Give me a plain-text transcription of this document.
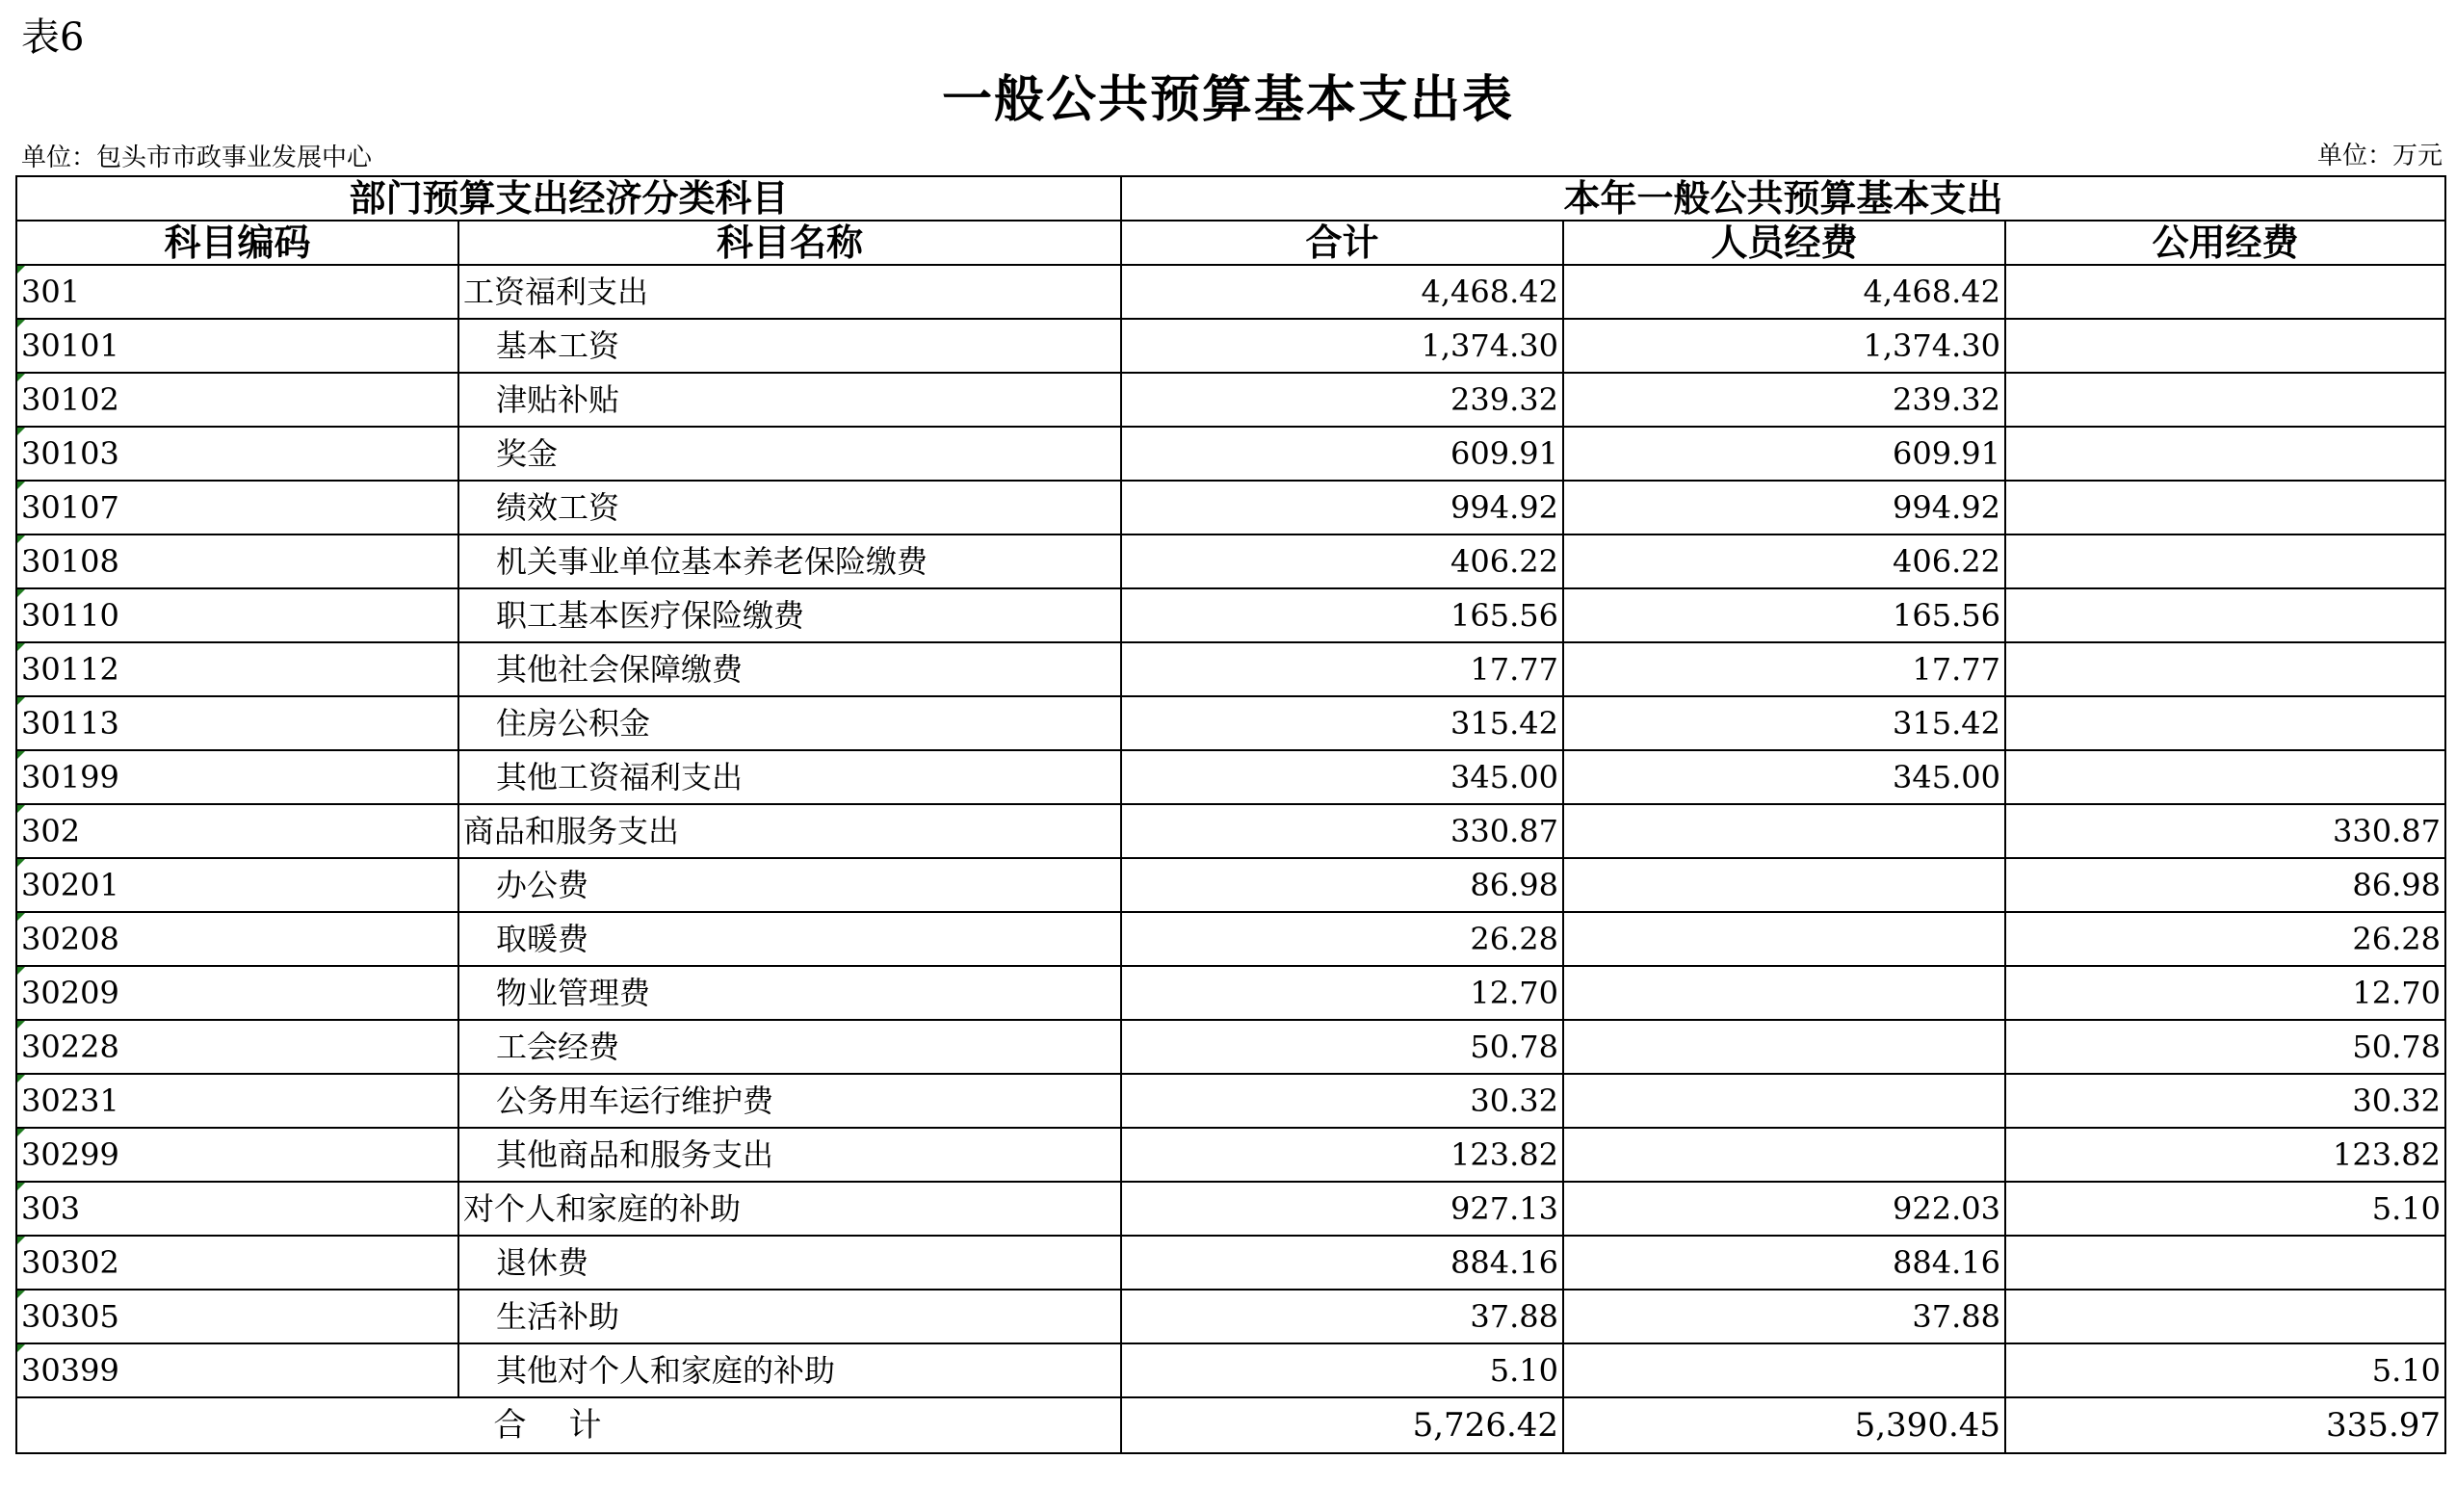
表6
一般公共预算基本支出表
单位：包头市市政事业发展中心	单位：万元
部门预算支出经济分类科目		本年一般公共预算基本支出		
科目编码	科目名称	合计	人员经费	公用经费
301	工资福利支出	4,468.42	4,468.42	
30101	基本工资	1,374.30	1,374.30	
30102	津贴补贴	239.32	239.32	
30103	奖金	609.91	609.91	
30107	绩效工资	994.92	994.92	
30108	机关事业单位基本养老保险缴费	406.22	406.22	
30110	职工基本医疗保险缴费	165.56	165.56	
30112	其他社会保障缴费	17.77	17.77	
30113	住房公积金	315.42	315.42	
30199	其他工资福利支出	345.00	345.00	
302	商品和服务支出	330.87		330.87
30201	办公费	86.98		86.98
30208	取暖费	26.28		26.28
30209	物业管理费	12.70		12.70
30228	工会经费	50.78		50.78
30231	公务用车运行维护费	30.32		30.32
30299	其他商品和服务支出	123.82		123.82
303	对个人和家庭的补助	927.13	922.03	5.10
30302	退休费	884.16	884.16	
30305	生活补助	37.88	37.88	
30399	其他对个人和家庭的补助	5.10		5.10
合计		5,726.42	5,390.45	335.97
